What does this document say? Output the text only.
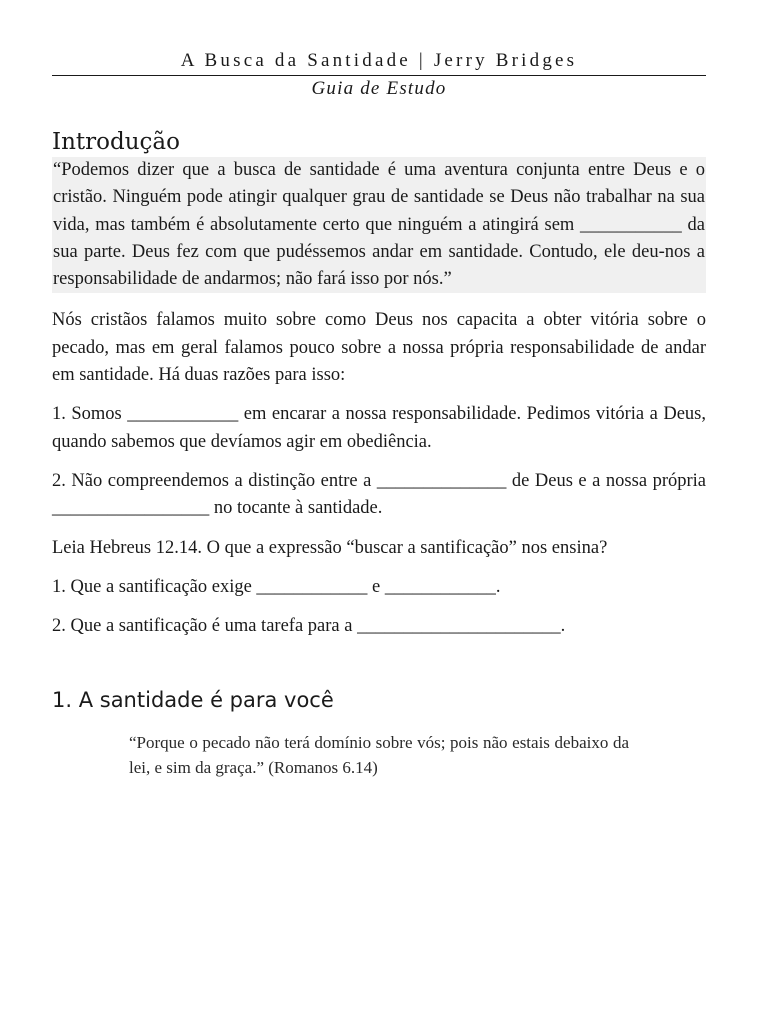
A Busca da Santidade | Jerry Bridges
Guia de Estudo
Introdução

“Podemos dizer que a busca de santidade é uma aventura conjunta entre Deus e o cristão. Ninguém pode atingir qualquer grau de santidade se Deus não trabalhar na sua vida, mas também é absolutamente certo que ninguém a atingirá sem ___________ da sua parte. Deus fez com que pudéssemos andar em santidade. Contudo, ele deu-nos a responsabilidade de andarmos; não fará isso por nós.”

Nós cristãos falamos muito sobre como Deus nos capacita a obter vitória sobre o pecado, mas em geral falamos pouco sobre a nossa própria responsabilidade de andar em santidade. Há duas razões para isso:

1. Somos ____________ em encarar a nossa responsabilidade. Pedimos vitória a Deus, quando sabemos que devíamos agir em obediência.

2. Não compreendemos a distinção entre a ______________ de Deus e a nossa própria _________________ no tocante à santidade.

Leia Hebreus 12.14. O que a expressão “buscar a santificação” nos ensina?

1. Que a santificação exige ____________ e ____________.

2. Que a santificação é uma tarefa para a ______________________.

1. A santidade é para você

“Porque o pecado não terá domínio sobre vós; pois não estais debaixo da lei, e sim da graça.” (Romanos 6.14)
